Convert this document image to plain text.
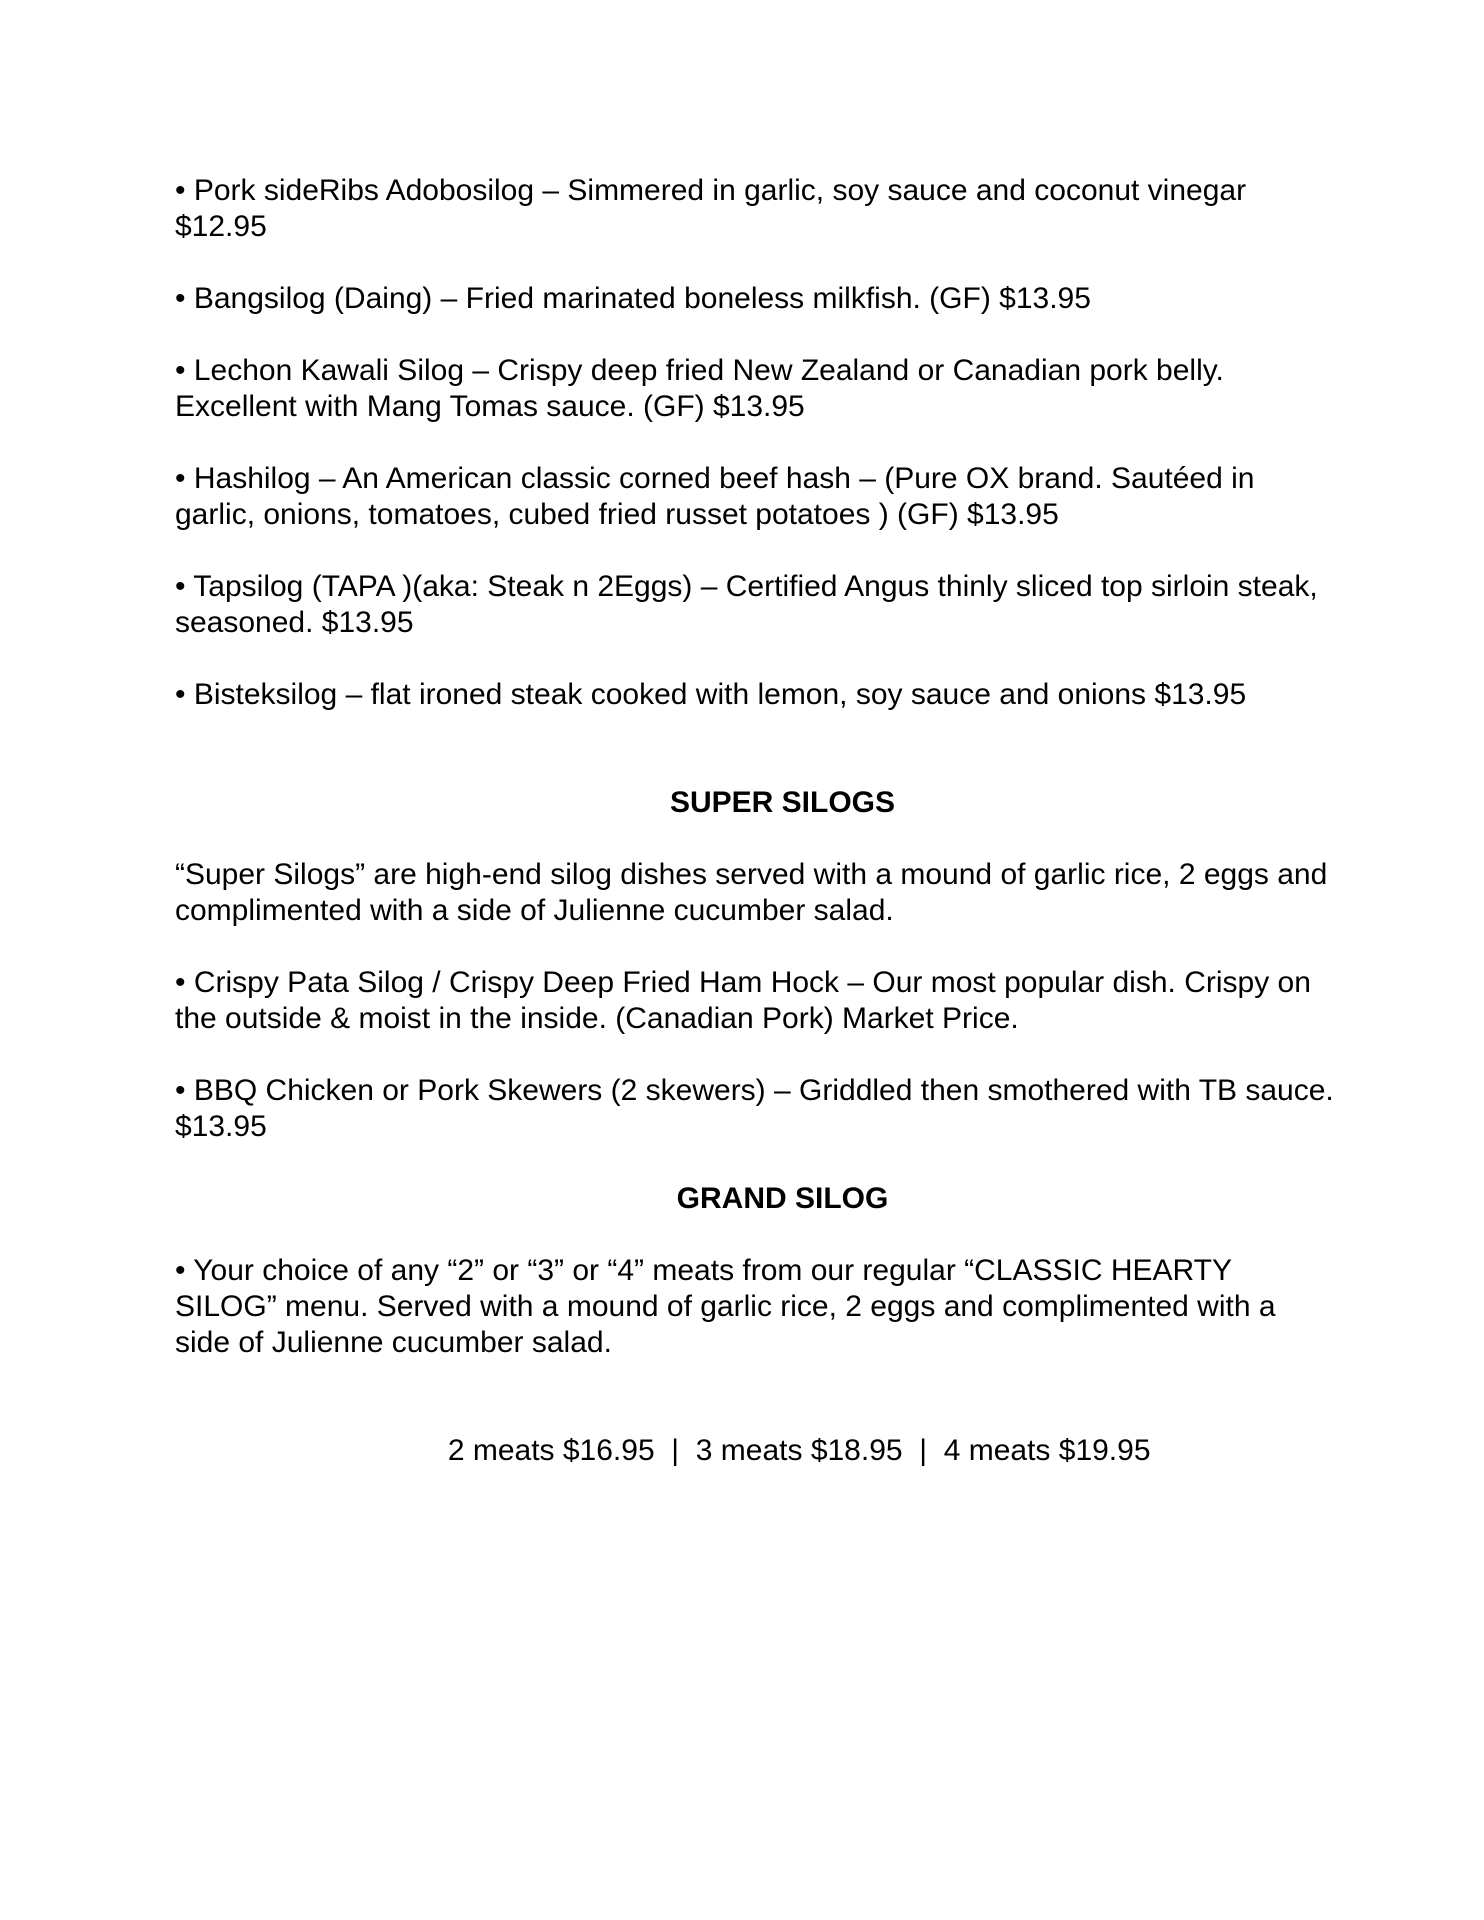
• Pork sideRibs Adobosilog – Simmered in garlic, soy sauce and coconut vinegar
$12.95
• Bangsilog (Daing) – Fried marinated boneless milkfish. (GF) $13.95
• Lechon Kawali Silog – Crispy deep fried New Zealand or Canadian pork belly.
Excellent with Mang Tomas sauce. (GF) $13.95
• Hashilog – An American classic corned beef hash – (Pure OX brand. Sautéed in
garlic, onions, tomatoes, cubed fried russet potatoes ) (GF) $13.95
• Tapsilog (TAPA )(aka: Steak n 2Eggs) – Certified Angus thinly sliced top sirloin steak,
seasoned. $13.95
• Bisteksilog – flat ironed steak cooked with lemon, soy sauce and onions $13.95
SUPER SILOGS
“Super Silogs” are high-end silog dishes served with a mound of garlic rice, 2 eggs and
complimented with a side of Julienne cucumber salad.
• Crispy Pata Silog / Crispy Deep Fried Ham Hock – Our most popular dish. Crispy on
the outside & moist in the inside. (Canadian Pork) Market Price.
• BBQ Chicken or Pork Skewers (2 skewers) – Griddled then smothered with TB sauce.
$13.95
GRAND SILOG
• Your choice of any “2” or “3” or “4” meats from our regular “CLASSIC HEARTY
SILOG” menu. Served with a mound of garlic rice, 2 eggs and complimented with a
side of Julienne cucumber salad.

2 meats $16.95  |  3 meats $18.95  |  4 meats $19.95
